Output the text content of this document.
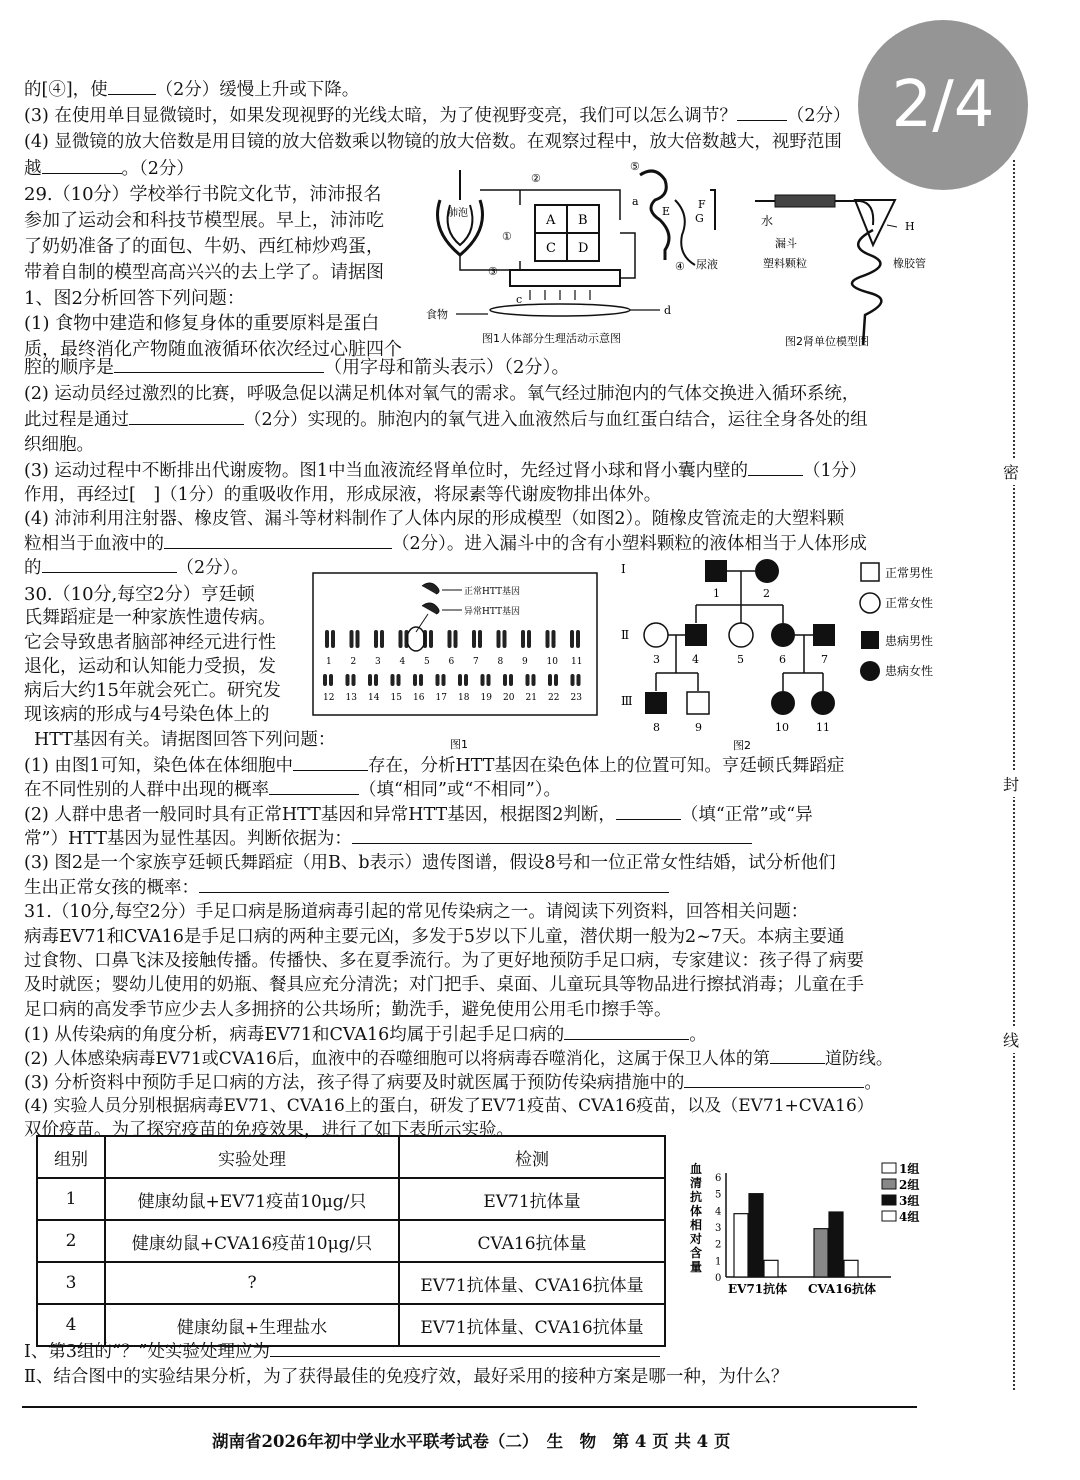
2/4
密
封
线
的[④]，使	（2分）缓慢上升或下降。
(3) 在使用单目显微镜时，如果发现视野的光线太暗，为了使视野变亮，我们可以怎么调节？	（2分）
(4) 显微镜的放大倍数是用目镜的放大倍数乘以物镜的放大倍数。在观察过程中，放大倍数越大，视野范围
越	。（2分）
29.（10分）学校举行书院文化节，沛沛报名
参加了运动会和科技节模型展。早上，沛沛吃
了奶奶准备了的面包、牛奶、西红柿炒鸡蛋，
带着自制的模型高高兴兴的去上学了。请据图
1、图2分析回答下列问题：
(1) 食物中建造和修复身体的重要原料是蛋白
质，最终消化产物随血液循环依次经过心脏四个
腔的顺序是	（用字母和箭头表示）（2分）。
(2) 运动员经过激烈的比赛，呼吸急促以满足机体对氧气的需求。氧气经过肺泡内的气体交换进入循环系统，
此过程是通过	（2分）实现的。肺泡内的氧气进入血液然后与血红蛋白结合，运往全身各处的组
织细胞。
(3) 运动过程中不断排出代谢废物。图1中当血液流经肾单位时，先经过肾小球和肾小囊内壁的	（1分）
作用，再经过[　]（1分）的重吸收作用，形成尿液，将尿素等代谢废物排出体外。
(4) 沛沛利用注射器、橡皮管、漏斗等材料制作了人体内尿的形成模型（如图2）。随橡皮管流走的大塑料颗
粒相当于血液中的	（2分）。进入漏斗中的含有小塑料颗粒的液体相当于人体形成
的	（2分）。
肺泡	A B
C D
②
③
①
c
食物	d
a
⑤
F
G
E
④ 尿液
图1人体部分生理活动示意图
水
漏斗
塑料颗粒	橡胶管
H
图2肾单位模型图
30.（10分,每空2分）亨廷顿
氏舞蹈症是一种家族性遗传病。
它会导致患者脑部神经元进行性
退化，运动和认知能力受损，发
病后大约15年就会死亡。研究发
现该病的形成与4号染色体上的
HTT基因有关。请据图回答下列问题：
(1) 由图1可知，染色体在体细胞中	存在，分析HTT基因在染色体上的位置可知。亨廷顿氏舞蹈症
在不同性别的人群中出现的概率	（填“相同”或“不相同”）。
(2) 人群中患者一般同时具有正常HTT基因和异常HTT基因，根据图2判断，	（填“正常”或“异
常”）HTT基因为显性基因。判断依据为：
(3) 图2是一个家族亨廷顿氏舞蹈症（用B、b表示）遗传图谱，假设8号和一位正常女性结婚，试分析他们
生出正常女孩的概率：
正常HTT基因
异常HTT基因
1 2 3 4 5 6 7 8 9 10 11
12 13 14 15 16 17 18 19 20 21 22 23
图1
Ⅰ
Ⅱ
Ⅲ
1	2
3	4	5	6	7
8	9	10 11
图2
正常男性
正常女性
患病男性
患病女性
31.（10分,每空2分）手足口病是肠道病毒引起的常见传染病之一。请阅读下列资料，回答相关问题：
病毒EV71和CVA16是手足口病的两种主要元凶，多发于5岁以下儿童，潜伏期一般为2~7天。本病主要通
过食物、口鼻飞沫及接触传播。传播快、多在夏季流行。为了更好地预防手足口病，专家建议：孩子得了病要
及时就医；婴幼儿使用的奶瓶、餐具应充分清洗；对门把手、桌面、儿童玩具等物品进行擦拭消毒；儿童在手
足口病的高发季节应少去人多拥挤的公共场所；勤洗手，避免使用公用毛巾擦手等。
(1) 从传染病的角度分析，病毒EV71和CVA16均属于引起手足口病的	。
(2) 人体感染病毒EV71或CVA16后，血液中的吞噬细胞可以将病毒吞噬消化，这属于保卫人体的第	道防线。
(3) 分析资料中预防手足口病的方法，孩子得了病要及时就医属于预防传染病措施中的	。
(4) 实验人员分别根据病毒EV71、CVA16上的蛋白，研发了EV71疫苗、CVA16疫苗，以及（EV71+CVA16）
双价疫苗。为了探究疫苗的免疫效果，进行了如下表所示实验。
组别	实验处理	检测
1	健康幼鼠+EV71疫苗10μg/只	EV71抗体量
2	健康幼鼠+CVA16疫苗10μg/只	CVA16抗体量
3	?	EV71抗体量、CVA16抗体量
4	健康幼鼠+生理盐水	EV71抗体量、CVA16抗体量
血
清
抗
体
相
对
含
量
0
1
2
3
4
5
6
EV71抗体 CVA16抗体
1组
2组
3组
4组
Ⅰ、第3组的“？”处实验处理应为
Ⅱ、结合图中的实验结果分析，为了获得最佳的免疫疗效，最好采用的接种方案是哪一种，为什么？
湖南省2026年初中学业水平联考试卷（二）　生　物　第 4 页 共 4 页
